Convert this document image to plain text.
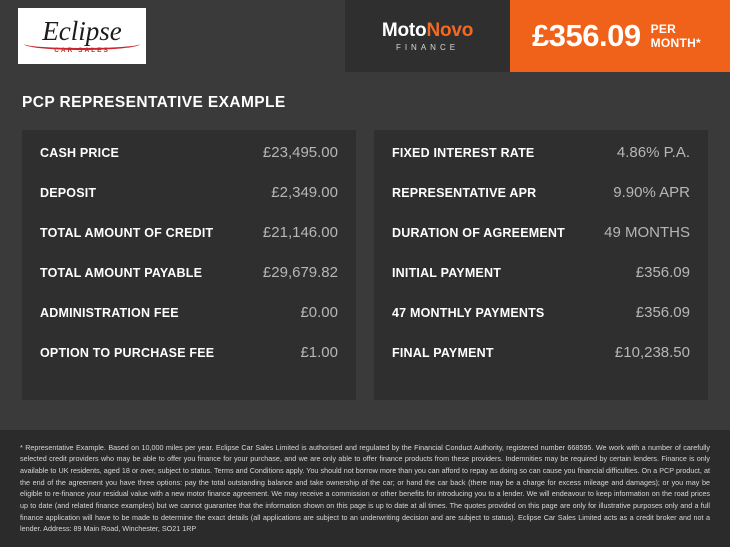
Eclipse
CAR SALES
MotoNovo
FINANCE £356.09 PER MONTH*
PCP REPRESENTATIVE EXAMPLE
CASH PRICE	£23,495.00
DEPOSIT	£2,349.00
TOTAL AMOUNT OF CREDIT	£21,146.00
TOTAL AMOUNT PAYABLE	£29,679.82
ADMINISTRATION FEE	£0.00
OPTION TO PURCHASE FEE	£1.00
FIXED INTEREST RATE	4.86% P.A.
REPRESENTATIVE APR	9.90% APR
DURATION OF AGREEMENT	49 MONTHS
INITIAL PAYMENT	£356.09
47 MONTHLY PAYMENTS	£356.09
FINAL PAYMENT	£10,238.50

* Representative Example. Based on 10,000 miles per year. Eclipse Car Sales Limited is authorised and regulated by the Financial Conduct Authority, registered number 668595. We work with a number of carefully selected credit providers who may be able to offer you finance for your purchase, and we are only able to offer finance products from these providers. Indemnities may be required by certain lenders. Finance is only available to UK residents, aged 18 or over, subject to status. Terms and Conditions apply. You should not borrow more than you can afford to repay as doing so can cause you financial difficulties. On a PCP product, at the end of the agreement you have three options: pay the total outstanding balance and take ownership of the car; or hand the car back (there may be a charge for excess mileage and damages); or you may be eligible to re-finance your residual value with a new motor finance agreement. We may receive a commission or other benefits for introducing you to a lender. We will endeavour to keep information on the road prices up to date (and related finance examples) but we cannot guarantee that the information shown on this page is up to date at all times. The quotes provided on this page are only for illustrative purposes only and a full finance application will have to be made to determine the exact details (all applications are subject to an underwriting decision and are subject to status). Eclipse Car Sales Limited acts as a credit broker and not a lender. Address: 89 Main Road, Winchester, SO21 1RP
